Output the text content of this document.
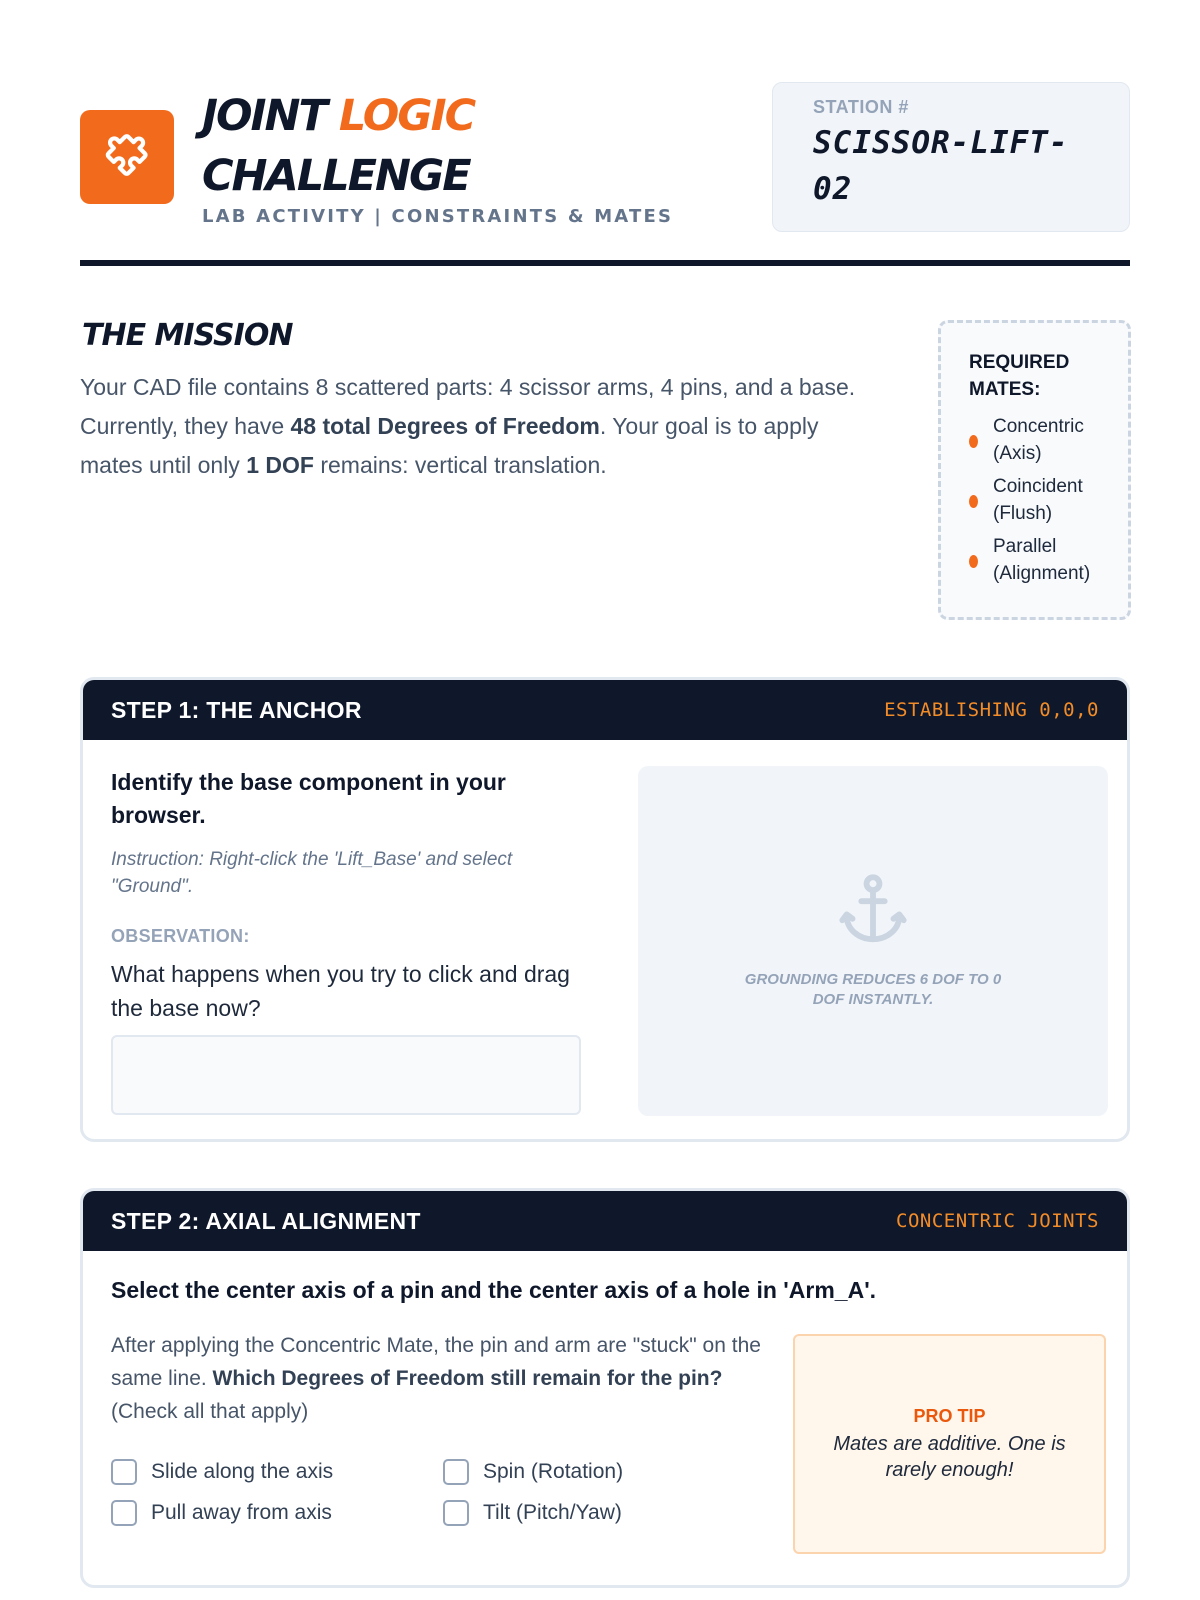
JOINT LOGIC
CHALLENGE
LAB ACTIVITY | CONSTRAINTS & MATES
STATION #
SCISSOR-LIFT-
02
THE MISSION
Your CAD file contains 8 scattered parts: 4 scissor arms, 4 pins, and a base. Currently, they have 48 total Degrees of Freedom. Your goal is to apply mates until only 1 DOF remains: vertical translation.
REQUIRED MATES:
Concentric (Axis)
Coincident (Flush)
Parallel (Alignment)
STEP 1: THE ANCHOR	ESTABLISHING 0,0,0
Identify the base component in your browser.
Instruction: Right-click the 'Lift_Base' and select "Ground".
OBSERVATION:
What happens when you try to click and drag the base now?
GROUNDING REDUCES 6 DOF TO 0 DOF INSTANTLY.
STEP 2: AXIAL ALIGNMENT	CONCENTRIC JOINTS
Select the center axis of a pin and the center axis of a hole in 'Arm_A'.
After applying the Concentric Mate, the pin and arm are "stuck" on the same line. Which Degrees of Freedom still remain for the pin? (Check all that apply)
Slide along the axis	Spin (Rotation)
Pull away from axis	Tilt (Pitch/Yaw)
PRO TIP
Mates are additive. One is rarely enough!
